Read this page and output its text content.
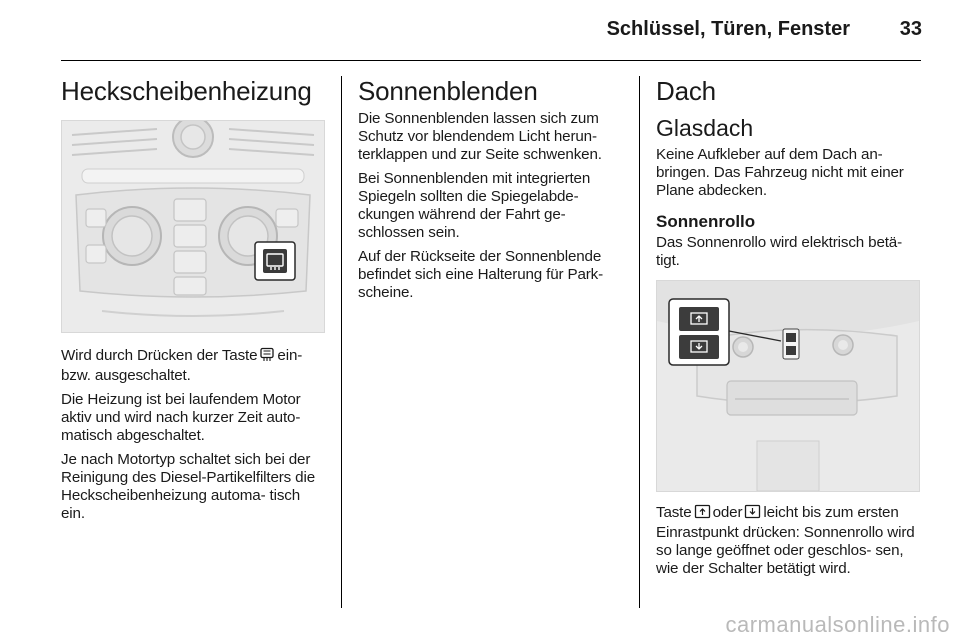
Schlüssel, Türen, Fenster	33
Heckscheibenheizung

Wird durch Drücken der Taste ein- bzw. ausgeschaltet.

Die Heizung ist bei laufendem Motor aktiv und wird nach kurzer Zeit auto- matisch abgeschaltet.

Je nach Motortyp schaltet sich bei der Reinigung des Diesel-Partikelfilters die Heckscheibenheizung automa- tisch ein.

Sonnenblenden

Die Sonnenblenden lassen sich zum Schutz vor blendendem Licht herun- terklappen und zur Seite schwenken.

Bei Sonnenblenden mit integrierten Spiegeln sollten die Spiegelabde- ckungen während der Fahrt ge- schlossen sein.

Auf der Rückseite der Sonnenblende befindet sich eine Halterung für Park- scheine.

Dach
Glasdach

Keine Aufkleber auf dem Dach an- bringen. Das Fahrzeug nicht mit einer Plane abdecken.

Sonnenrollo

Das Sonnenrollo wird elektrisch betä- tigt.

Taste oder leicht bis zum ersten Einrastpunkt drücken: Sonnenrollo wird so lange geöffnet oder geschlos- sen, wie der Schalter betätigt wird.

carmanualsonline.info
